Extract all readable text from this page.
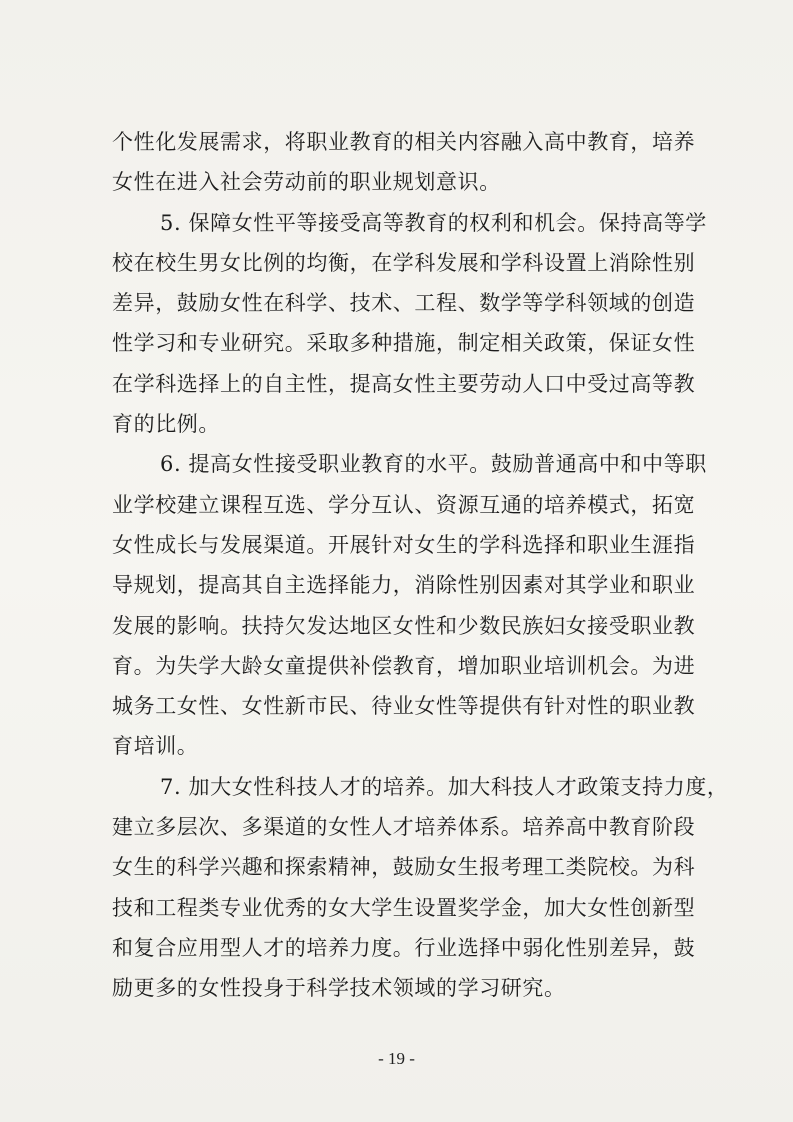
个性化发展需求，将职业教育的相关内容融入高中教育，培养
女性在进入社会劳动前的职业规划意识。
5. 保障女性平等接受高等教育的权利和机会。保持高等学
校在校生男女比例的均衡，在学科发展和学科设置上消除性别
差异，鼓励女性在科学、技术、工程、数学等学科领域的创造
性学习和专业研究。采取多种措施，制定相关政策，保证女性
在学科选择上的自主性，提高女性主要劳动人口中受过高等教
育的比例。
6. 提高女性接受职业教育的水平。鼓励普通高中和中等职
业学校建立课程互选、学分互认、资源互通的培养模式，拓宽
女性成长与发展渠道。开展针对女生的学科选择和职业生涯指
导规划，提高其自主选择能力，消除性别因素对其学业和职业
发展的影响。扶持欠发达地区女性和少数民族妇女接受职业教
育。为失学大龄女童提供补偿教育，增加职业培训机会。为进
城务工女性、女性新市民、待业女性等提供有针对性的职业教
育培训。
7. 加大女性科技人才的培养。加大科技人才政策支持力度，
建立多层次、多渠道的女性人才培养体系。培养高中教育阶段
女生的科学兴趣和探索精神，鼓励女生报考理工类院校。为科
技和工程类专业优秀的女大学生设置奖学金，加大女性创新型
和复合应用型人才的培养力度。行业选择中弱化性别差异，鼓
励更多的女性投身于科学技术领域的学习研究。
- 19 -
